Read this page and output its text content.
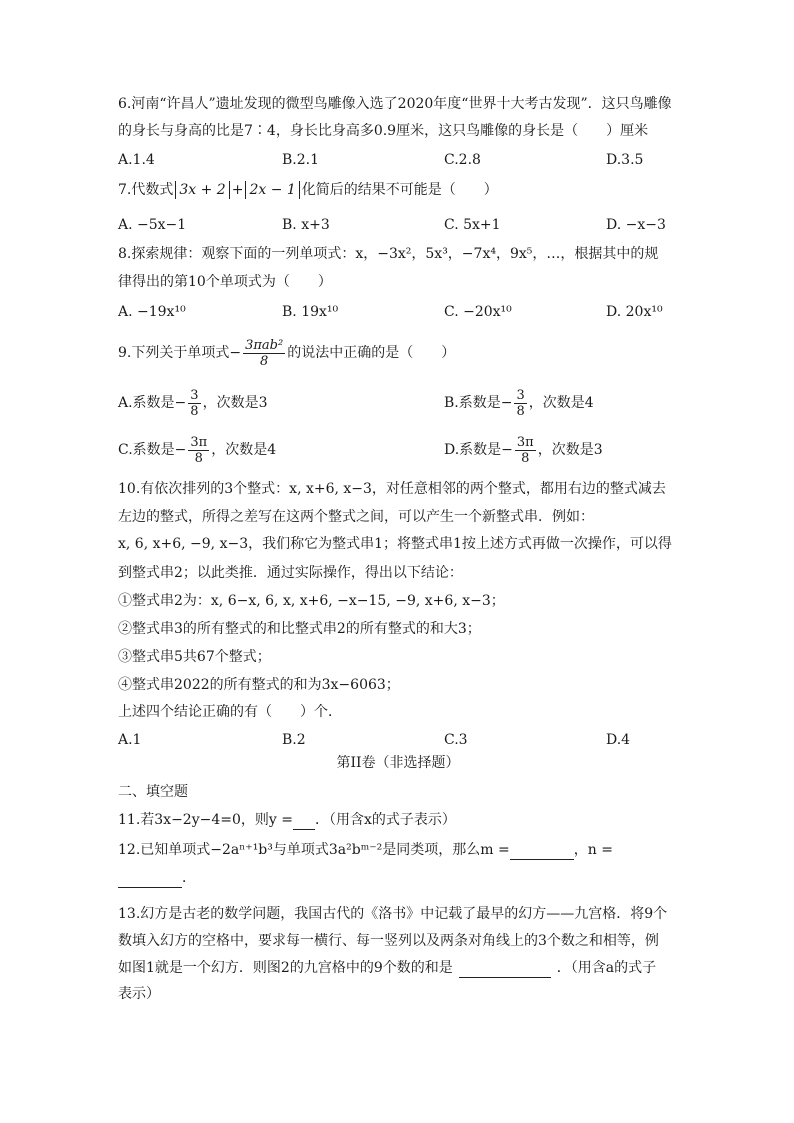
6.河南“许昌人”遗址发现的微型鸟雕像入选了2020年度“世界十大考古发现”．这只鸟雕像
的身长与身高的比是7∶4，身长比身高多0.9厘米，这只鸟雕像的身长是（　　）厘米
A.1.4	B.2.1	C.2.8	D.3.5
7.代数式 3x + 2 + 2x − 1 化简后的结果不可能是（　　）
A. −5x−1	B. x+3	C. 5x+1	D. −x−3
8.探索规律：观察下面的一列单项式：x，−3x²，5x³，−7x⁴，9x⁵，…，根据其中的规
律得出的第10个单项式为（　　）
A. −19x¹⁰	B. 19x¹⁰	C. −20x¹⁰	D. 20x¹⁰
9.下列关于单项式− $\frac{\text{3πab²}}{8}$ 的说法中正确的是（　　）
A.系数是− $\frac{3}{8}$ ，次数是3	B.系数是− $\frac{3}{8}$ ，次数是4
C.系数是− $\frac{3\pi}{8}$ ，次数是4	D.系数是− $\frac{3\pi}{8}$ ，次数是3
10.有依次排列的3个整式：x, x+6, x−3，对任意相邻的两个整式，都用右边的整式减去
左边的整式，所得之差写在这两个整式之间，可以产生一个新整式串．例如：
x, 6, x+6, −9, x−3，我们称它为整式串1；将整式串1按上述方式再做一次操作，可以得
到整式串2；以此类推．通过实际操作，得出以下结论：
①整式串2为：x, 6−x, 6, x, x+6, −x−15, −9, x+6, x−3；
②整式串3的所有整式的和比整式串2的所有整式的和大3；
③整式串5共67个整式；
④整式串2022的所有整式的和为3x−6063；
上述四个结论正确的有（　　）个．
A.1	B.2	C.3	D.4
第II卷（非选择题）
二、填空题
11.若3x−2y−4=0，则y = ．（用含x的式子表示）
12.已知单项式−2aⁿ⁺¹b³与单项式3a²bᵐ⁻²是同类项，那么m =	，n =
．
13.幻方是古老的数学问题，我国古代的《洛书》中记载了最早的幻方——九宫格．将9个
数填入幻方的空格中，要求每一横行、每一竖列以及两条对角线上的3个数之和相等，例
如图1就是一个幻方．则图2的九宫格中的9个数的和是	．（用含a的式子
表示）
